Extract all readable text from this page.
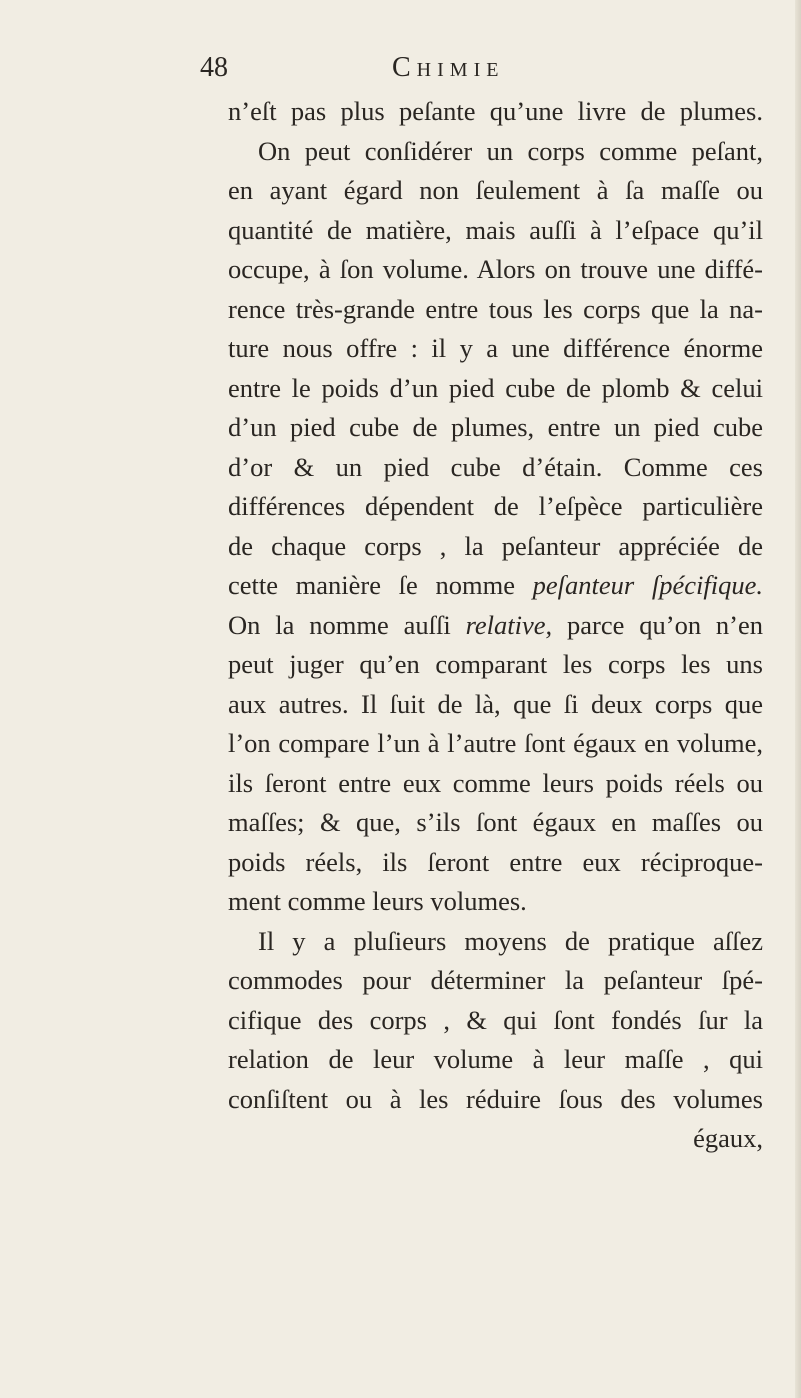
48	Chimie
n’eſt pas plus peſante qu’une livre de plumes.
On peut conſidérer un corps comme peſant,
en ayant égard non ſeulement à ſa maſſe ou
quantité de matière, mais auſſi à l’eſpace qu’il
occupe, à ſon volume. Alors on trouve une diffé-
rence très-grande entre tous les corps que la na-
ture nous offre : il y a une différence énorme
entre le poids d’un pied cube de plomb & celui
d’un pied cube de plumes, entre un pied cube
d’or & un pied cube d’étain. Comme ces
différences dépendent de l’eſpèce particulière
de chaque corps , la peſanteur appréciée de
cette manière ſe nomme peſanteur ſpécifique.
On la nomme auſſi relative, parce qu’on n’en
peut juger qu’en comparant les corps les uns
aux autres. Il ſuit de là, que ſi deux corps que
l’on compare l’un à l’autre ſont égaux en volume,
ils ſeront entre eux comme leurs poids réels ou
maſſes; & que, s’ils ſont égaux en maſſes ou
poids réels, ils ſeront entre eux réciproque-
ment comme leurs volumes.
Il y a pluſieurs moyens de pratique aſſez
commodes pour déterminer la peſanteur ſpé-
cifique des corps , & qui ſont fondés ſur la
relation de leur volume à leur maſſe , qui
conſiſtent ou à les réduire ſous des volumes
égaux,
